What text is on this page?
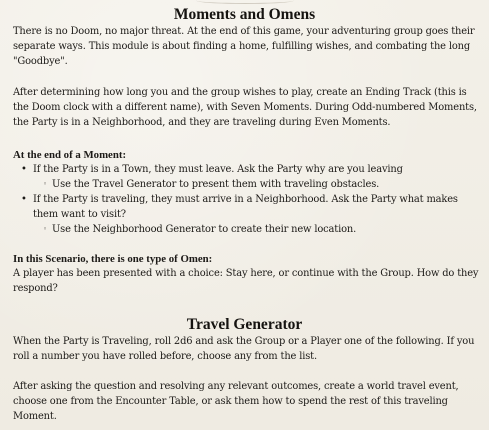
Moments and Omens

There is no Doom, no major threat. At the end of this game, your adventuring group goes their separate ways. This module is about finding a home, fulfilling wishes, and combating the long "Goodbye".

After determining how long you and the group wishes to play, create an Ending Track (this is the Doom clock with a different name), with Seven Moments. During Odd-numbered Moments, the Party is in a Neighborhood, and they are traveling during Even Moments.

At the end of a Moment:
• If the Party is in a Town, they must leave. Ask the Party why are you leaving

◦ Use the Travel Generator to present them with traveling obstacles.

• If the Party is traveling, they must arrive in a Neighborhood. Ask the Party what makes them want to visit?

◦ Use the Neighborhood Generator to create their new location.

In this Scenario, there is one type of Omen:

A player has been presented with a choice: Stay here, or continue with the Group. How do they respond?

Travel Generator

When the Party is Traveling, roll 2d6 and ask the Group or a Player one of the following. If you roll a number you have rolled before, choose any from the list.

After asking the question and resolving any relevant outcomes, create a world travel event, choose one from the Encounter Table, or ask them how to spend the rest of this traveling Moment.
